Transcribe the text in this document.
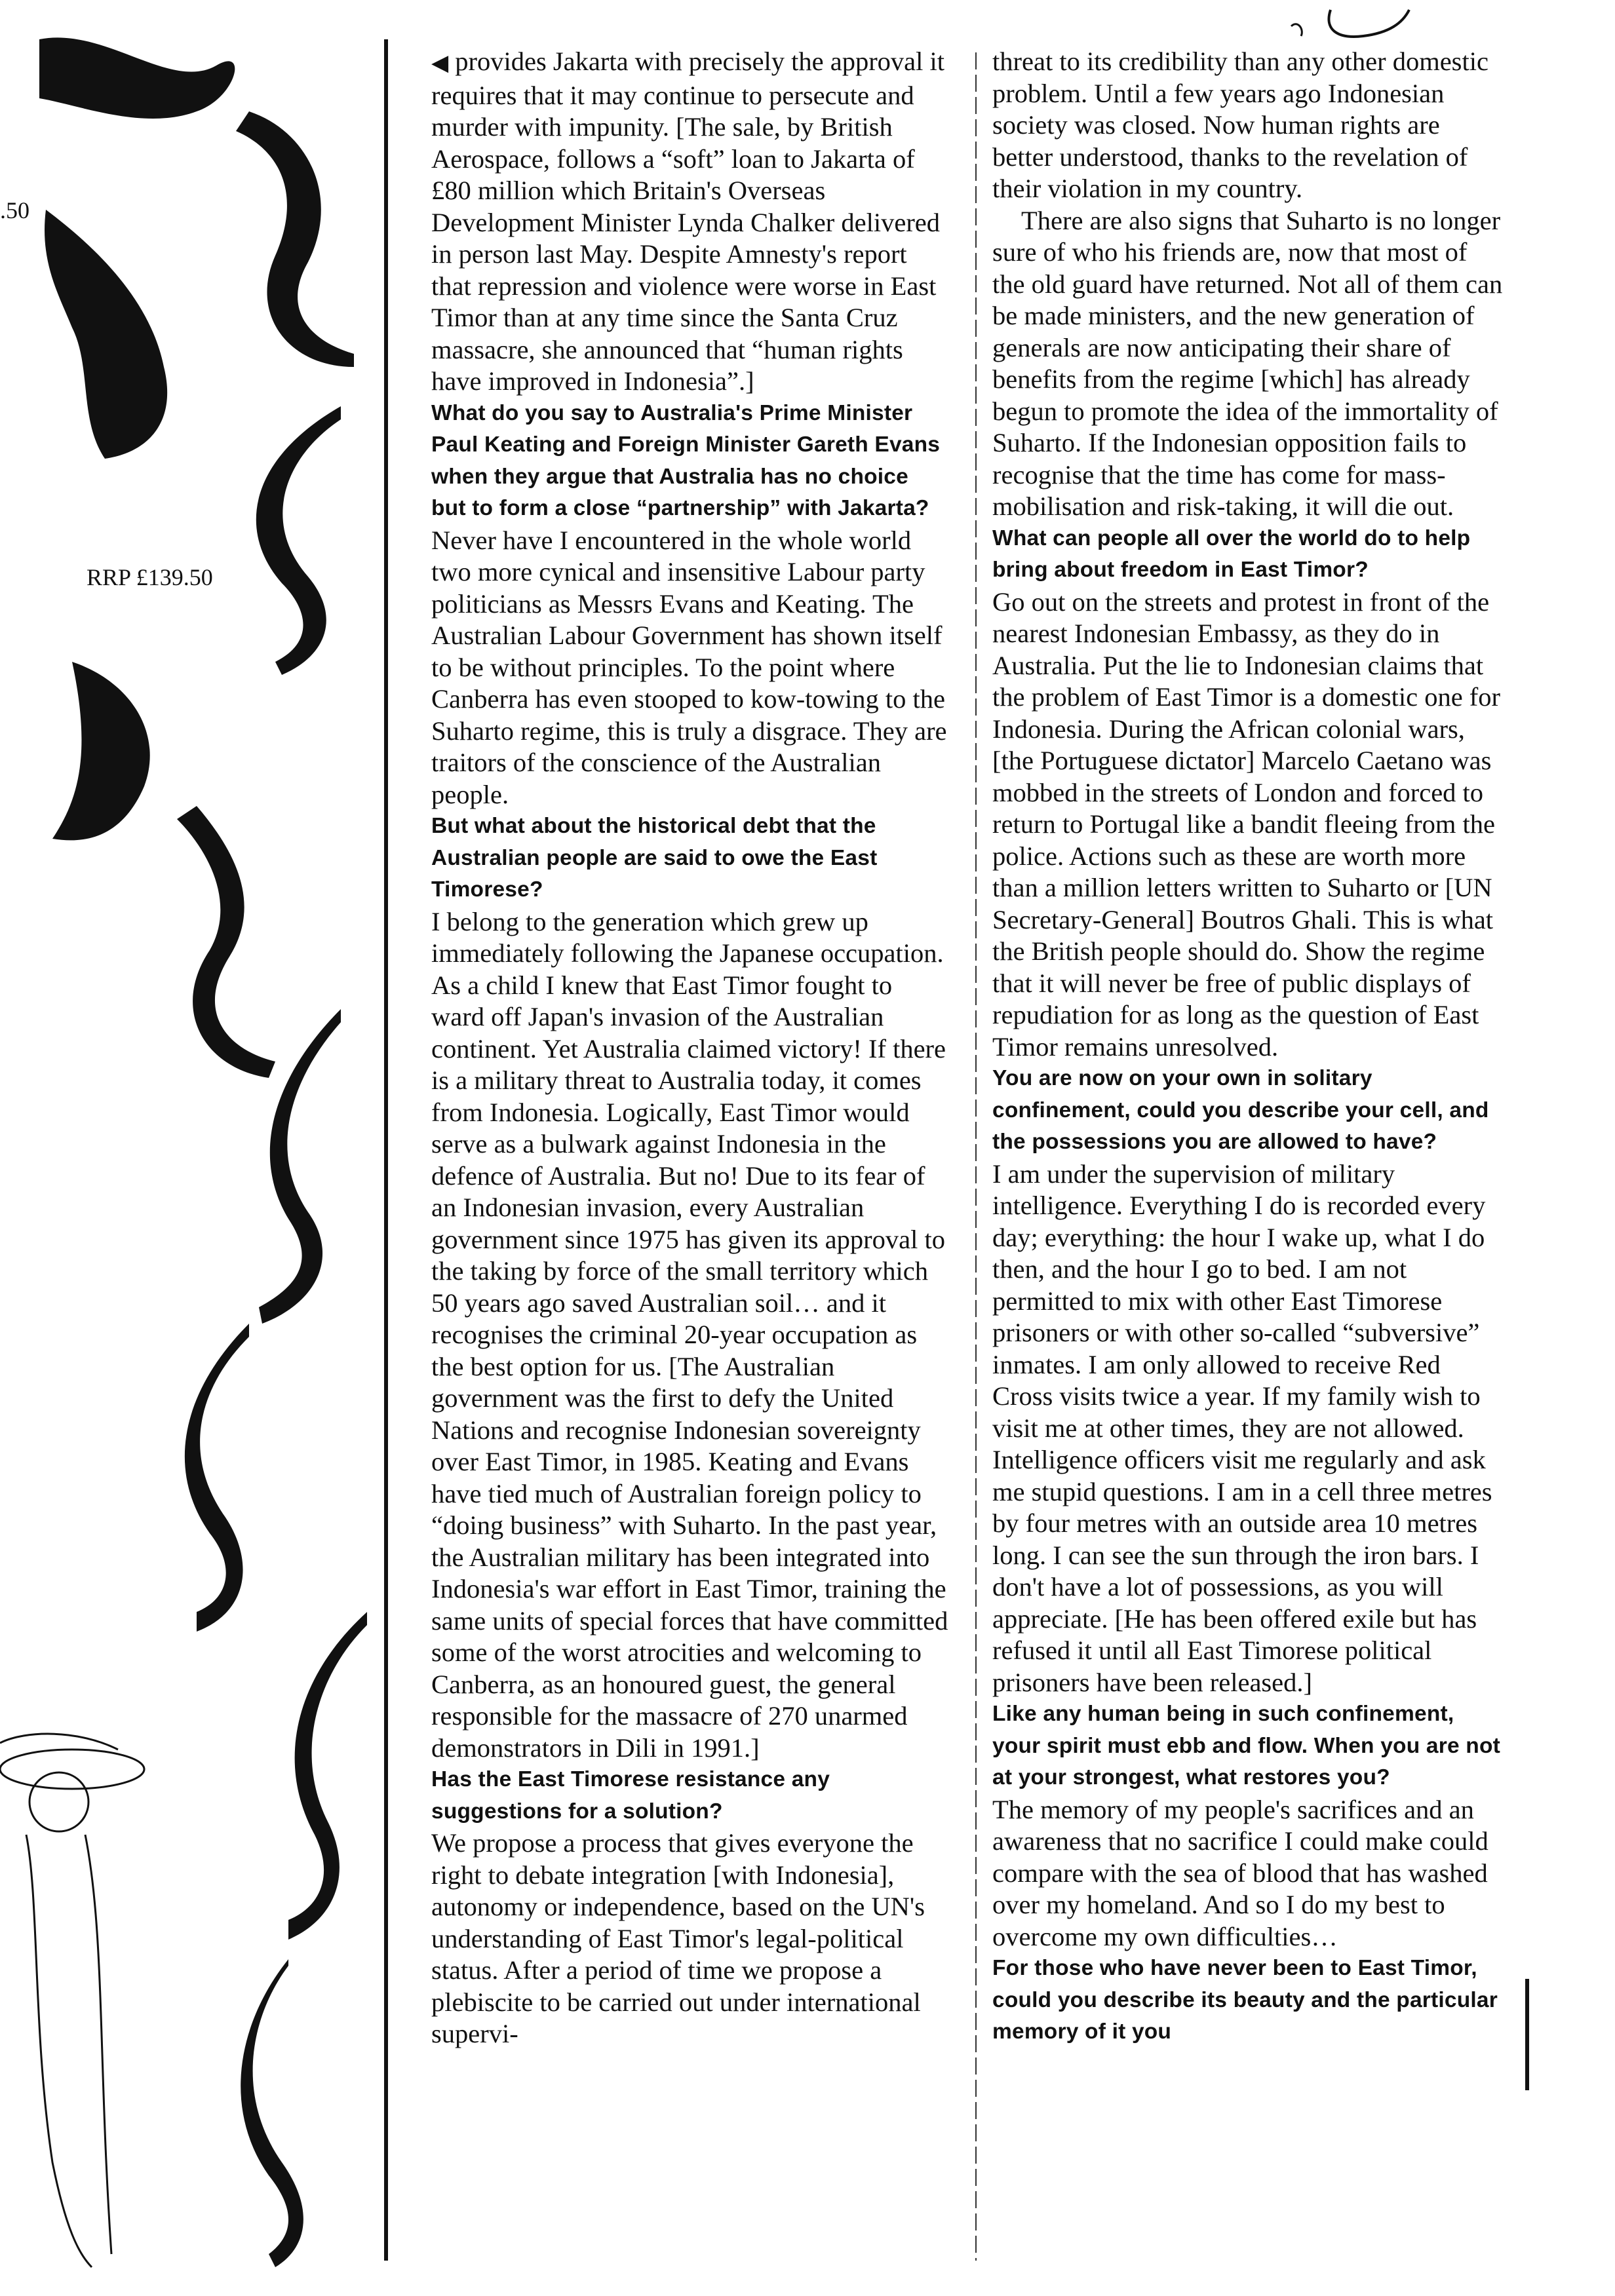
.50
RRP £139.50

◀ provides Jakarta with precisely the approval it requires that it may continue to persecute and murder with impunity. [The sale, by British Aerospace, follows a “soft” loan to Jakarta of £80 million which Britain's Overseas Development Minister Lynda Chalker delivered in person last May. Despite Amnesty's report that repression and violence were worse in East Timor than at any time since the Santa Cruz massacre, she announced that “human rights have improved in Indonesia”.]

What do you say to Australia's Prime Minister Paul Keating and Foreign Minister Gareth Evans when they argue that Australia has no choice but to form a close “partnership” with Jakarta?

Never have I encountered in the whole world two more cynical and insensitive Labour party politicians as Messrs Evans and Keating. The Australian Labour Government has shown itself to be without principles. To the point where Canberra has even stooped to kow-towing to the Suharto regime, this is truly a disgrace. They are traitors of the conscience of the Australian people.

But what about the historical debt that the Australian people are said to owe the East Timorese?

I belong to the generation which grew up immediately following the Japanese occupation. As a child I knew that East Timor fought to ward off Japan's invasion of the Australian continent. Yet Australia claimed victory! If there is a military threat to Australia today, it comes from Indonesia. Logically, East Timor would serve as a bulwark against Indonesia in the defence of Australia. But no! Due to its fear of an Indonesian invasion, every Australian government since 1975 has given its approval to the taking by force of the small territory which 50 years ago saved Australian soil… and it recognises the criminal 20-year occupation as the best option for us. [The Australian government was the first to defy the United Nations and recognise Indonesian sovereignty over East Timor, in 1985. Keating and Evans have tied much of Australian foreign policy to “doing business” with Suharto. In the past year, the Australian military has been integrated into Indonesia's war effort in East Timor, training the same units of special forces that have committed some of the worst atrocities and welcoming to Canberra, as an honoured guest, the general responsible for the massacre of 270 unarmed demonstrators in Dili in 1991.]

Has the East Timorese resistance any suggestions for a solution?

We propose a process that gives everyone the right to debate integration [with Indonesia], autonomy or independence, based on the UN's understanding of East Timor's legal-political status. After a period of time we propose a plebiscite to be carried out under international supervi-

threat to its credibility than any other domestic problem. Until a few years ago Indonesian society was closed. Now human rights are better understood, thanks to the revelation of their violation in my country.

There are also signs that Suharto is no longer sure of who his friends are, now that most of the old guard have returned. Not all of them can be made ministers, and the new generation of generals are now anticipating their share of benefits from the regime [which] has already begun to promote the idea of the immortality of Suharto. If the Indonesian opposition fails to recognise that the time has come for mass-mobilisation and risk-taking, it will die out.

What can people all over the world do to help bring about freedom in East Timor?

Go out on the streets and protest in front of the nearest Indonesian Embassy, as they do in Australia. Put the lie to Indonesian claims that the problem of East Timor is a domestic one for Indonesia. During the African colonial wars, [the Portuguese dictator] Marcelo Caetano was mobbed in the streets of London and forced to return to Portugal like a bandit fleeing from the police. Actions such as these are worth more than a million letters written to Suharto or [UN Secretary-General] Boutros Ghali. This is what the British people should do. Show the regime that it will never be free of public displays of repudiation for as long as the question of East Timor remains unresolved.

You are now on your own in solitary confinement, could you describe your cell, and the possessions you are allowed to have?

I am under the supervision of military intelligence. Everything I do is recorded every day; everything: the hour I wake up, what I do then, and the hour I go to bed. I am not permitted to mix with other East Timorese prisoners or with other so-called “subversive” inmates. I am only allowed to receive Red Cross visits twice a year. If my family wish to visit me at other times, they are not allowed. Intelligence officers visit me regularly and ask me stupid questions. I am in a cell three metres by four metres with an outside area 10 metres long. I can see the sun through the iron bars. I don't have a lot of possessions, as you will appreciate. [He has been offered exile but has refused it until all East Timorese political prisoners have been released.]

Like any human being in such confinement, your spirit must ebb and flow. When you are not at your strongest, what restores you?

The memory of my people's sacrifices and an awareness that no sacrifice I could make could compare with the sea of blood that has washed over my homeland. And so I do my best to overcome my own difficulties…

For those who have never been to East Timor, could you describe its beauty and the particular memory of it you
